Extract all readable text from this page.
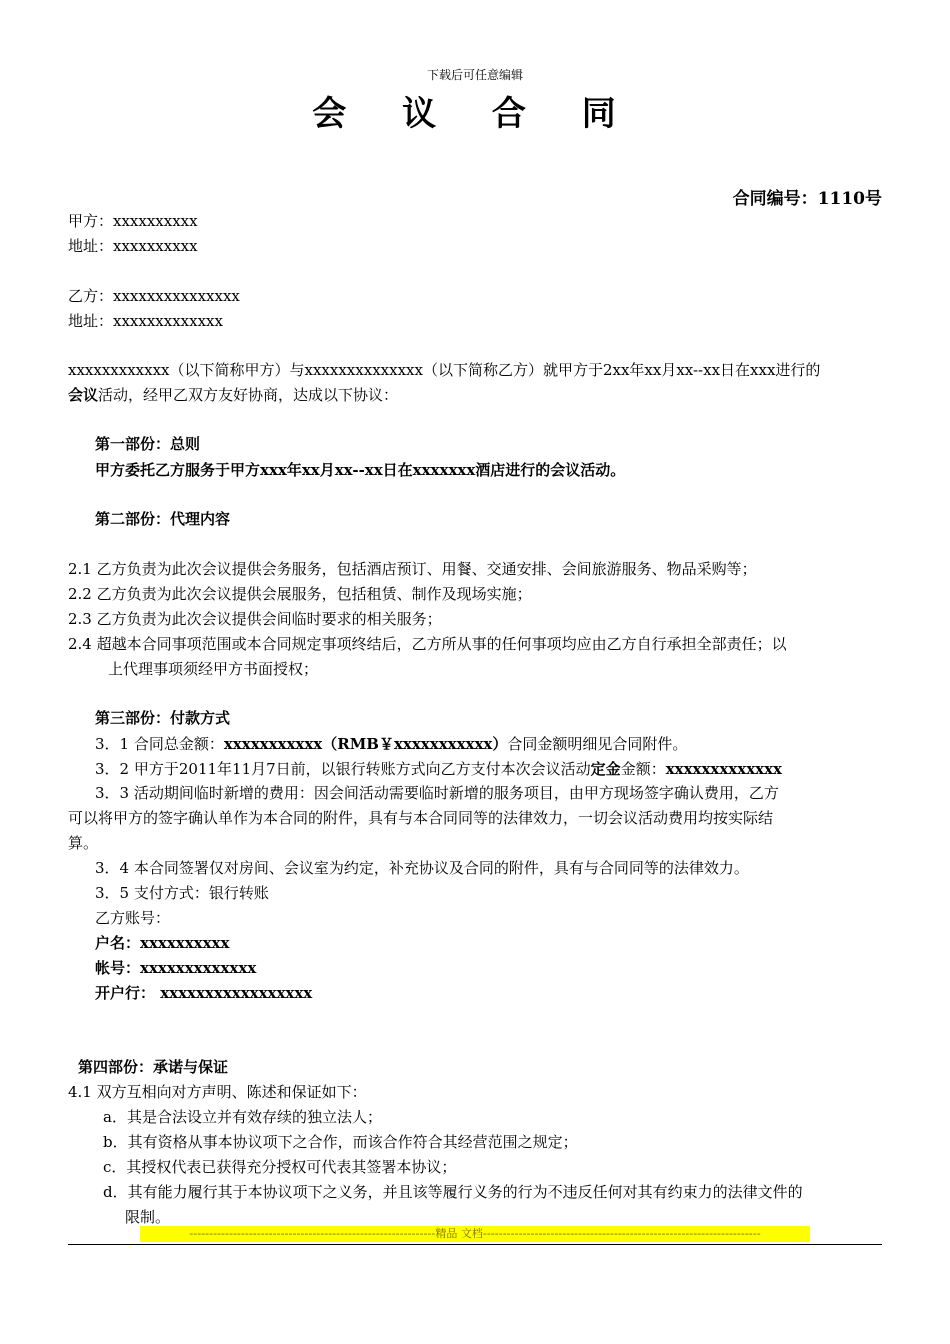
下载后可任意编辑
会 议 合 同
合同编号：1110号
甲方：xxxxxxxxxx
地址：xxxxxxxxxx
乙方：xxxxxxxxxxxxxxx
地址：xxxxxxxxxxxxx
xxxxxxxxxxxx（以下简称甲方）与xxxxxxxxxxxxxx（以下简称乙方）就甲方于2xx年xx月xx--xx日在xxx进行的
会议活动，经甲乙双方友好协商，达成以下协议：
第一部份：总则
甲方委托乙方服务于甲方xxx年xx月xx--xx日在xxxxxxx酒店进行的会议活动。
第二部份：代理内容
2.1 乙方负责为此次会议提供会务服务，包括酒店预订、用餐、交通安排、会间旅游服务、物品采购等；
2.2 乙方负责为此次会议提供会展服务，包括租赁、制作及现场实施；
2.3 乙方负责为此次会议提供会间临时要求的相关服务；
2.4 超越本合同事项范围或本合同规定事项终结后，乙方所从事的任何事项均应由乙方自行承担全部责任；以
上代理事项须经甲方书面授权；
第三部份：付款方式
3．1 合同总金额：xxxxxxxxxxx（RMB￥xxxxxxxxxxx）合同金额明细见合同附件。
3．2 甲方于2011年11月7日前，以银行转账方式向乙方支付本次会议活动定金金额：xxxxxxxxxxxxx
3．3 活动期间临时新增的费用：因会间活动需要临时新增的服务项目，由甲方现场签字确认费用，乙方
可以将甲方的签字确认单作为本合同的附件，具有与本合同同等的法律效力，一切会议活动费用均按实际结
算。
3．4 本合同签署仅对房间、会议室为约定，补充协议及合同的附件，具有与合同同等的法律效力。
3．5 支付方式：银行转账
乙方账号：
户名：xxxxxxxxxx
帐号：xxxxxxxxxxxxx
开户行： xxxxxxxxxxxxxxxxx
第四部份：承诺与保证
4.1 双方互相向对方声明、陈述和保证如下：
a．其是合法设立并有效存续的独立法人；
b．其有资格从事本协议项下之合作，而该合作符合其经营范围之规定；
c．其授权代表已获得充分授权可代表其签署本协议；
d．其有能力履行其于本协议项下之义务，并且该等履行义务的行为不违反任何对其有约束力的法律文件的
限制。
--------------------------------------------------------------精品 文档----------------------------------------------------------------------
